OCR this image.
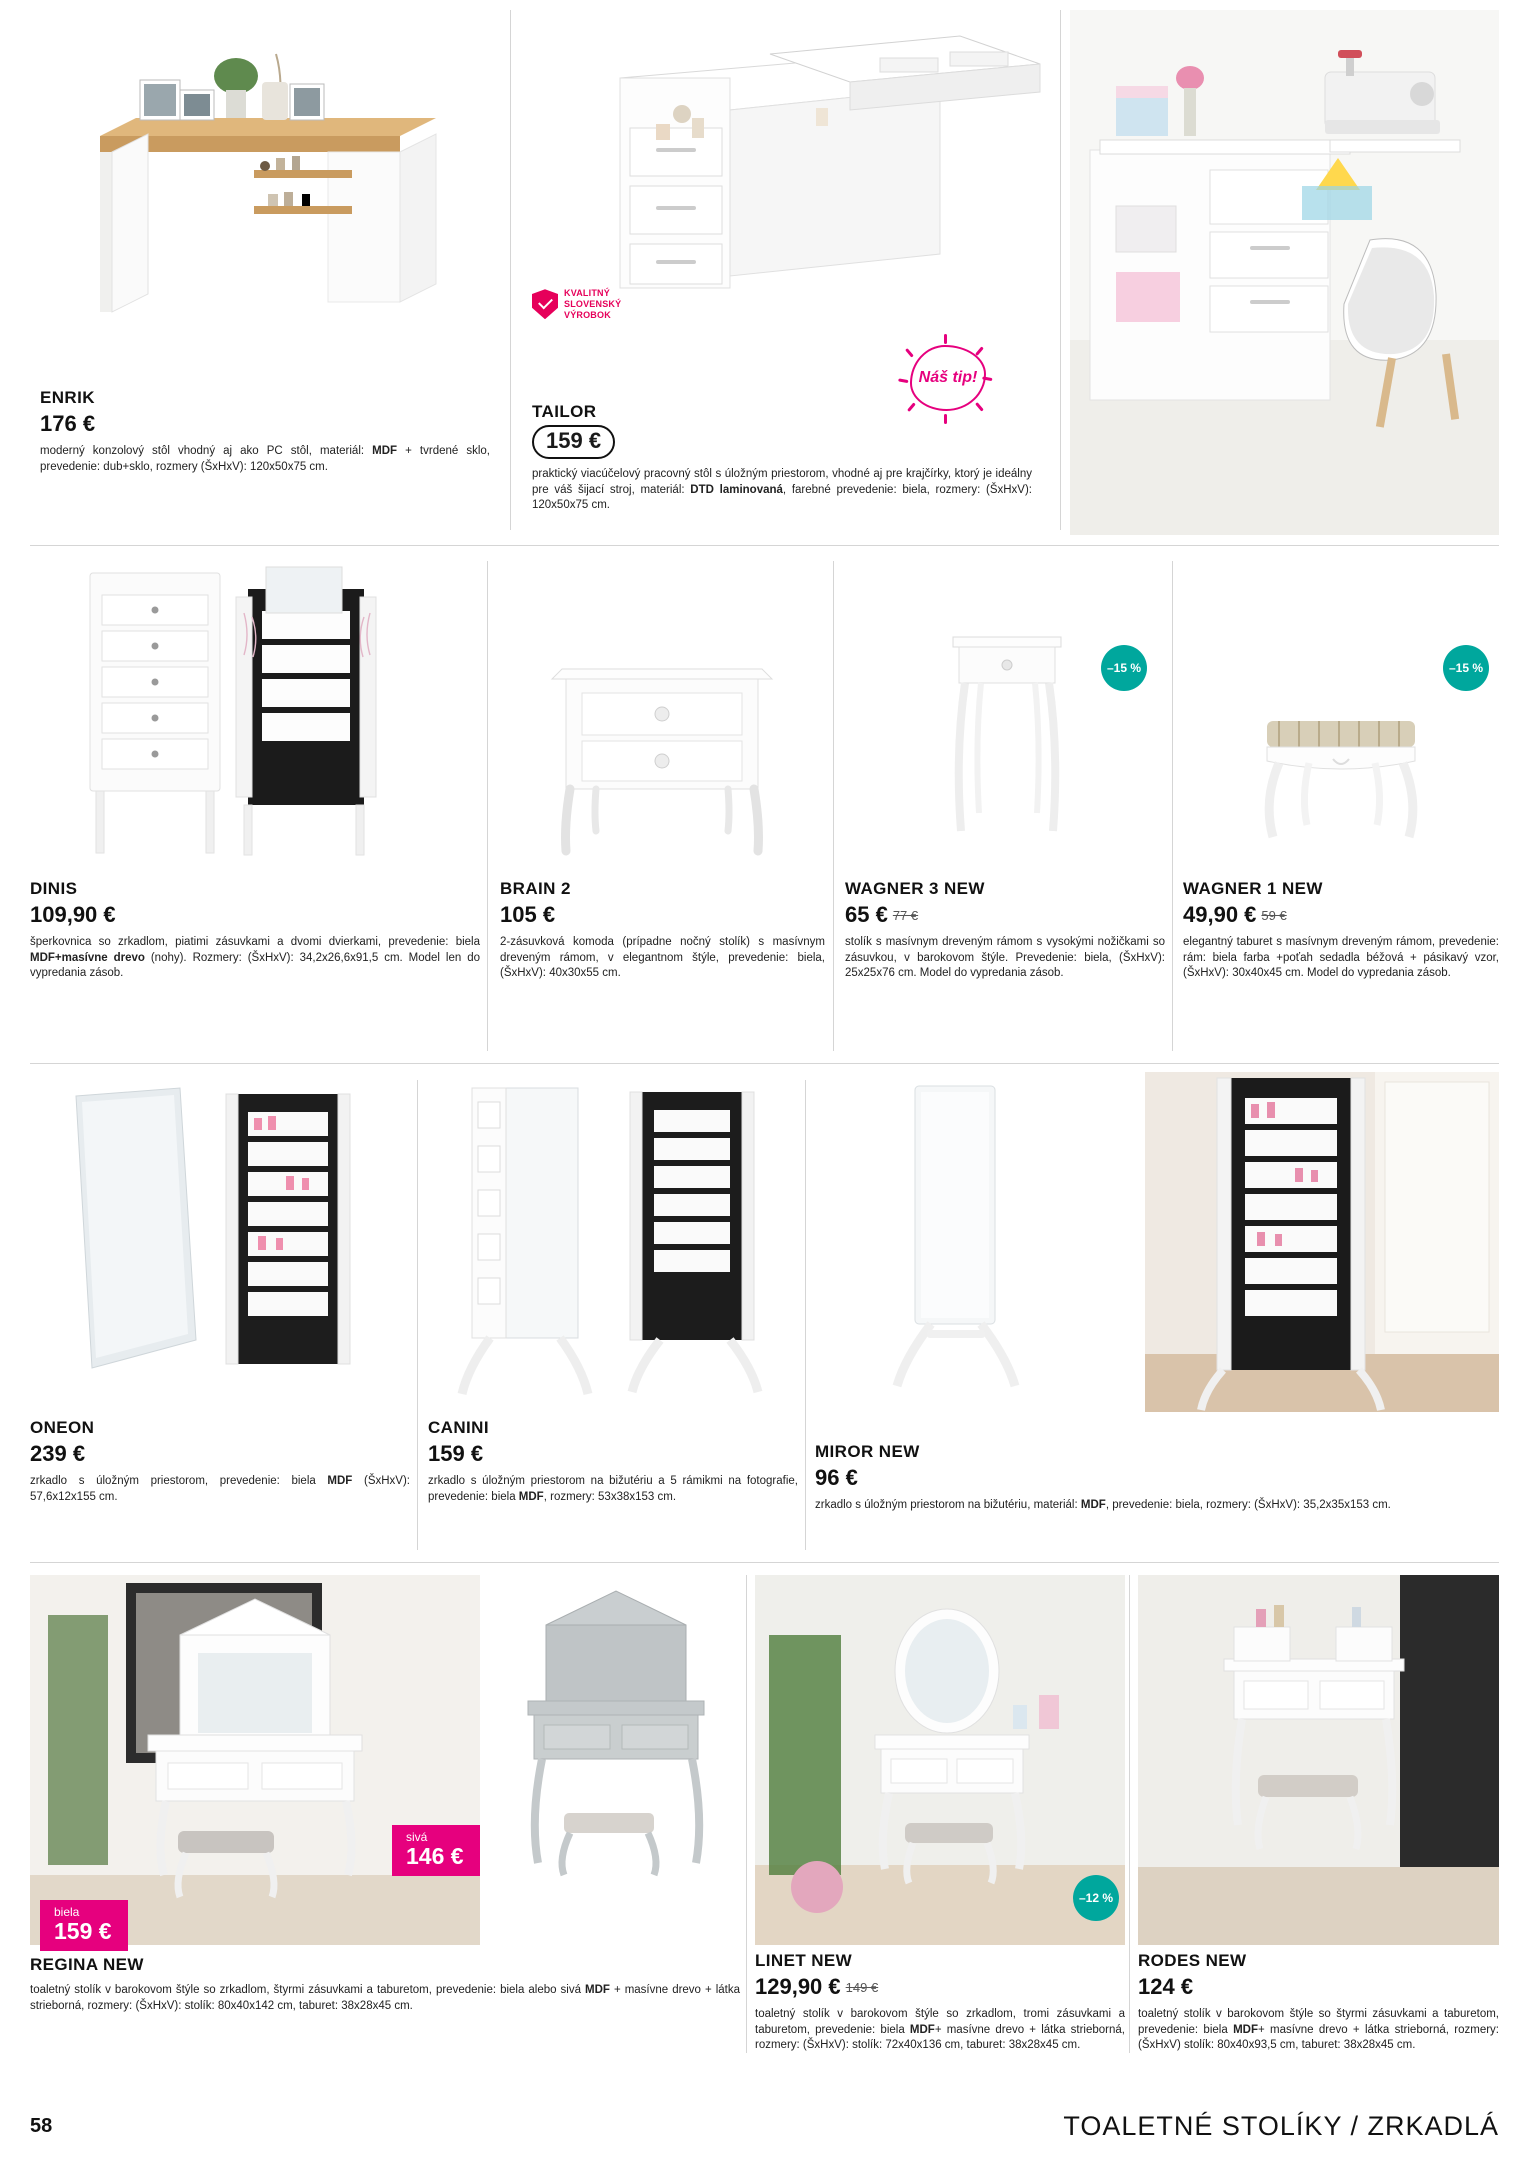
ENRIK
176 €
moderný konzolový stôl vhodný aj ako PC stôl, materiál: MDF + tvrdené sklo, prevedenie: dub+sklo, rozmery (ŠxHxV): 120x50x75 cm.
KVALITNÝ
SLOVENSKÝ
VÝROBOK
TAILOR
159 €
praktický viacúčelový pracovný stôl s úložným priestorom, vhodné aj pre krajčírky, ktorý je ideálny pre váš šijací stroj, materiál: DTD laminovaná, farebné prevedenie: biela, rozmery: (ŠxHxV): 120x50x75 cm.
Náš tip!
DINIS
109,90 €
šperkovnica so zrkadlom, piatimi zásuvkami a dvomi dvierkami, prevedenie: biela MDF+masívne drevo (nohy). Rozmery: (ŠxHxV): 34,2x26,6x91,5 cm. Model len do vypredania zásob.
BRAIN 2
105 €
2-zásuvková komoda (prípadne nočný stolík) s masívnym dreveným rámom, v elegantnom štýle, prevedenie: biela, (ŠxHxV): 40x30x55 cm.
–15 %
WAGNER 3 NEW
65 € 77 €
stolík s masívnym dreveným rámom s vysokými nožičkami so zásuvkou, v barokovom štýle. Prevedenie: biela, (ŠxHxV): 25x25x76 cm. Model do vypredania zásob.
–15 %
WAGNER 1 NEW
49,90 € 59 €
elegantný taburet s masívnym dreveným rámom, prevedenie: rám: biela farba +poťah sedadla béžová + pásikavý vzor, (ŠxHxV): 30x40x45 cm. Model do vypredania zásob.
ONEON
239 €
zrkadlo s úložným priestorom, prevedenie: biela MDF (ŠxHxV): 57,6x12x155 cm.
CANINI
159 €
zrkadlo s úložným priestorom na bižutériu a 5 rámikmi na fotografie, prevedenie: biela MDF, rozmery: 53x38x153 cm.
MIROR NEW
96 €
zrkadlo s úložným priestorom na bižutériu, materiál: MDF, prevedenie: biela, rozmery: (ŠxHxV): 35,2x35x153 cm.
sivá
146 €
biela
159 €
REGINA NEW
toaletný stolík v barokovom štýle so zrkadlom, štyrmi zásuvkami a taburetom, prevedenie: biela alebo sivá MDF + masívne drevo + látka strieborná, rozmery: (ŠxHxV): stolík: 80x40x142 cm, taburet: 38x28x45 cm.
–12 %
LINET NEW
129,90 € 149 €
toaletný stolík v barokovom štýle so zrkadlom, tromi zásuvkami a taburetom, prevedenie: biela MDF+ masívne drevo + látka strieborná, rozmery: (ŠxHxV): stolík: 72x40x136 cm, taburet: 38x28x45 cm.
RODES NEW
124 €
toaletný stolík v barokovom štýle so štyrmi zásuvkami a taburetom, prevedenie: biela MDF+ masívne drevo + látka strieborná, rozmery: (ŠxHxV) stolík: 80x40x93,5 cm, taburet: 38x28x45 cm.
58	TOALETNÉ STOLÍKY / ZRKADLÁ
